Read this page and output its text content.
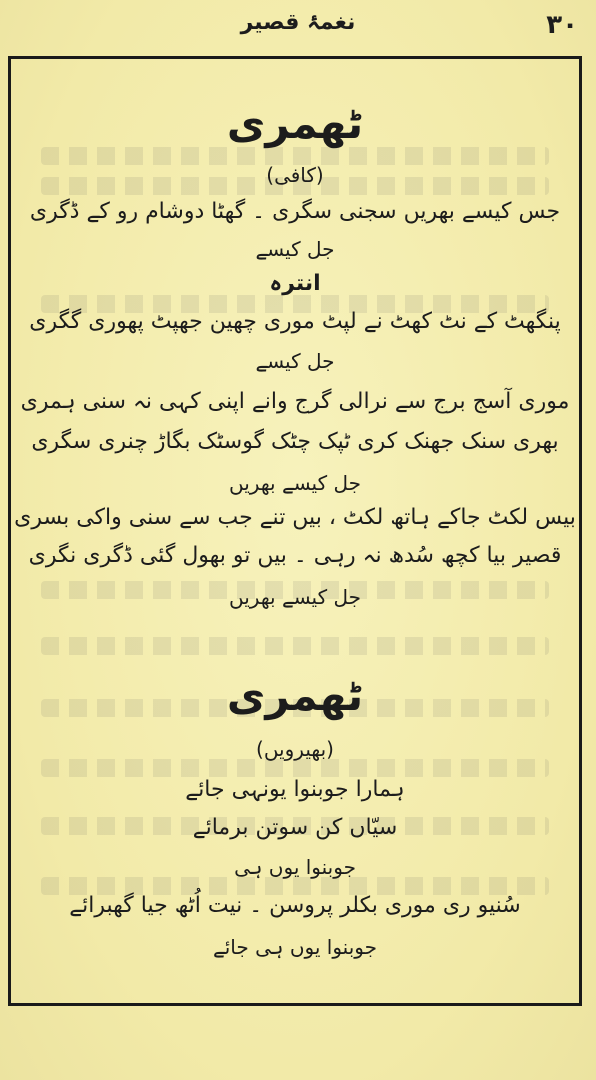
۳۰
نغمۂ قصیر
ٹھمری
(کافی)
جس کیسے بھریں سجنی سگری ۔ گھٹا دوشام رو کے ڈگری
جل کیسے
انترہ
پنگھٹ کے نٹ کھٹ نے لپٹ موری چھین جھپٹ پھوری گگری
جل کیسے
موری آسج برج سے نرالی گرج وانے اپنی کہی نہ سنی ہمری
بھری سنک جھنک کری ٹپک چٹک گوسٹک بگاڑ چنری سگری
جل کیسے بھریں
بیس لکٹ جاکے ہاتھ لکٹ ، بیں تنے جب سے سنی واکی بسری
قصیر بیا کچھ سُدھ نہ رہی ۔ بیں تو بھول گئی ڈگری نگری
جل کیسے بھریں
ٹھمری
(بھیرویں)
ہمارا جوبنوا یونہی جائے
سیّاں کن سوتن برمائے
جوبنوا یوں ہی
سُنیو ری موری بکلر پروسن ۔ نیت اُٹھ جیا گھبرائے
جوبنوا یوں ہی جائے
